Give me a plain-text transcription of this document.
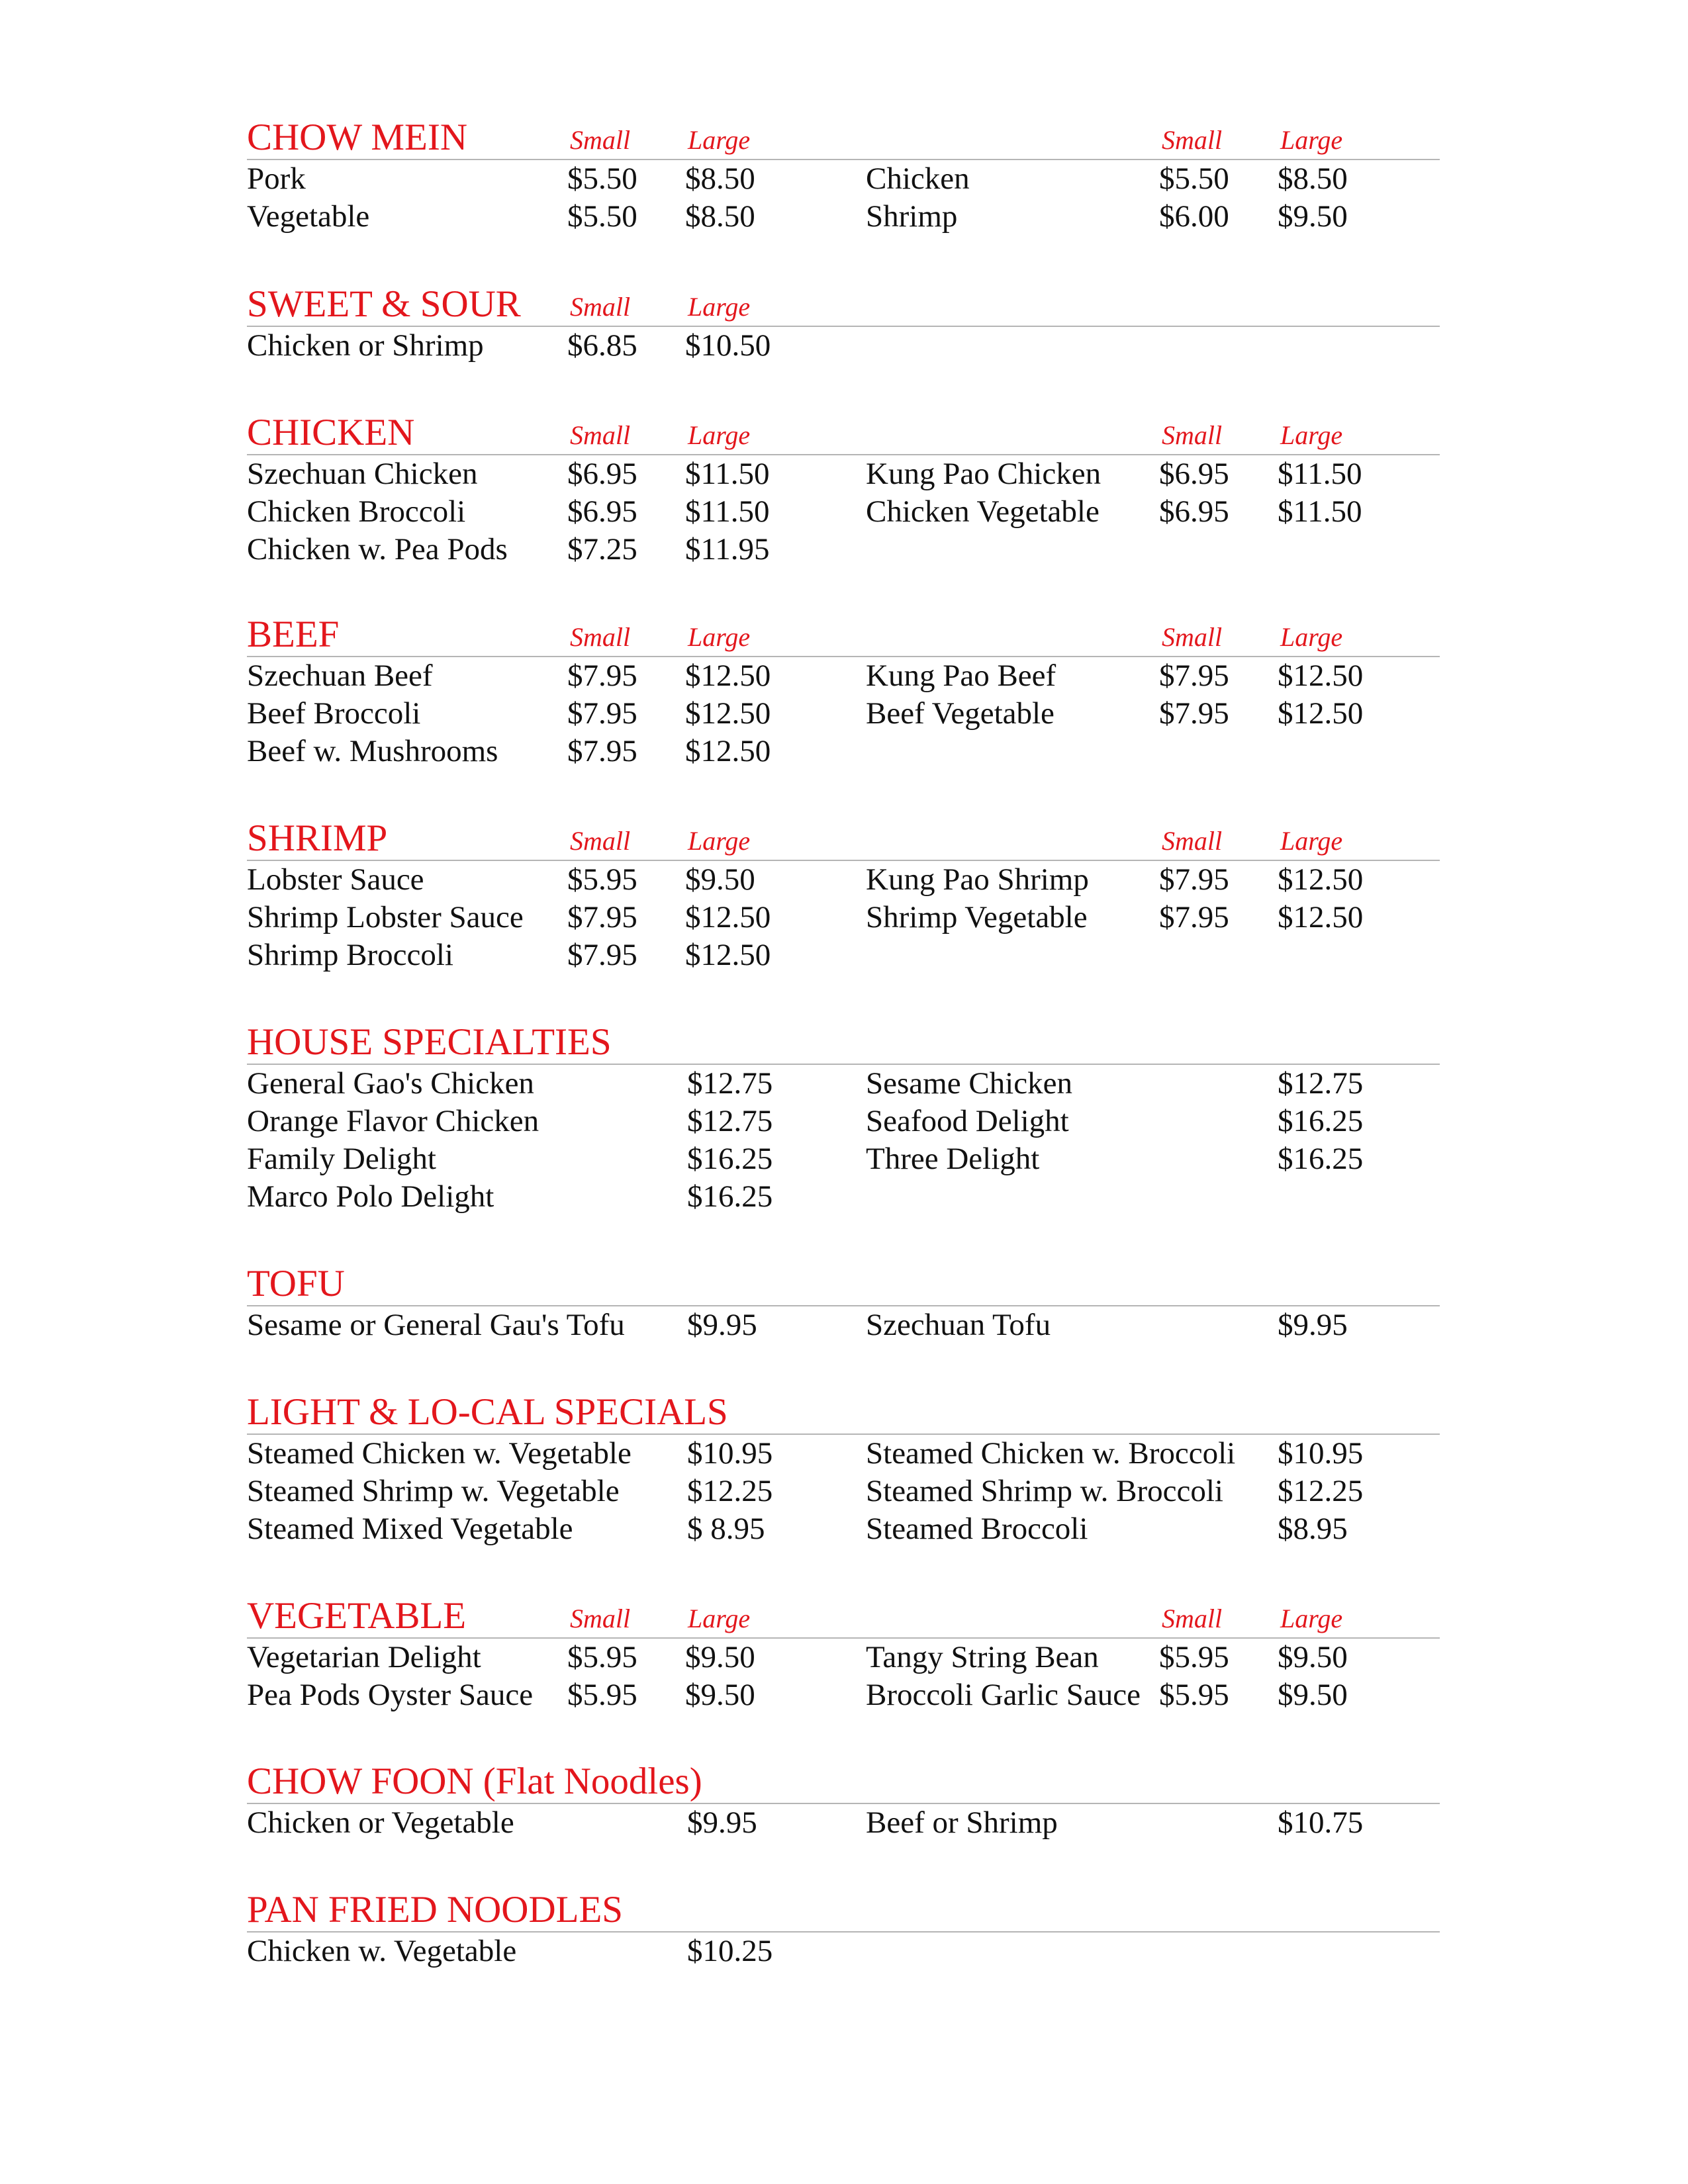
CHOW MEIN	Small Large	Small Large
Pork	$5.50 $8.50	Chicken	$5.50 $8.50
Vegetable	$5.50 $8.50	Shrimp	$6.00 $9.50
SWEET & SOUR Small Large
Chicken or Shrimp	$6.85 $10.50
CHICKEN	Small Large	Small Large
Szechuan Chicken	$6.95 $11.50	Kung Pao Chicken $6.95 $11.50
Chicken Broccoli	$6.95 $11.50	Chicken Vegetable $6.95 $11.50
Chicken w. Pea Pods $7.25 $11.95
BEEF	Small Large	Small Large
Szechuan Beef	$7.95 $12.50	Kung Pao Beef	$7.95 $12.50
Beef Broccoli	$7.95 $12.50	Beef Vegetable	$7.95 $12.50
Beef w. Mushrooms $7.95 $12.50
SHRIMP	Small Large	Small Large
Lobster Sauce	$5.95 $9.50	Kung Pao Shrimp $7.95 $12.50
Shrimp Lobster Sauce $7.95 $12.50	Shrimp Vegetable $7.95 $12.50
Shrimp Broccoli	$7.95 $12.50
HOUSE SPECIALTIES
General Gao's Chicken	$12.75	Sesame Chicken	$12.75
Orange Flavor Chicken	$12.75	Seafood Delight	$16.25
Family Delight	$16.25	Three Delight	$16.25
Marco Polo Delight	$16.25
TOFU
Sesame or General Gau's Tofu $9.95	Szechuan Tofu	$9.95
LIGHT & LO-CAL SPECIALS
Steamed Chicken w. Vegetable $10.95	Steamed Chicken w. Broccoli $10.95
Steamed Shrimp w. Vegetable $12.25	Steamed Shrimp w. Broccoli $12.25
Steamed Mixed Vegetable	$ 8.95	Steamed Broccoli	$8.95
VEGETABLE	Small Large	Small Large
Vegetarian Delight	$5.95 $9.50	Tangy String Bean $5.95 $9.50
Pea Pods Oyster Sauce $5.95 $9.50	Broccoli Garlic Sauce $5.95 $9.50
CHOW FOON (Flat Noodles)
Chicken or Vegetable	$9.95	Beef or Shrimp	$10.75
PAN FRIED NOODLES
Chicken w. Vegetable	$10.25
